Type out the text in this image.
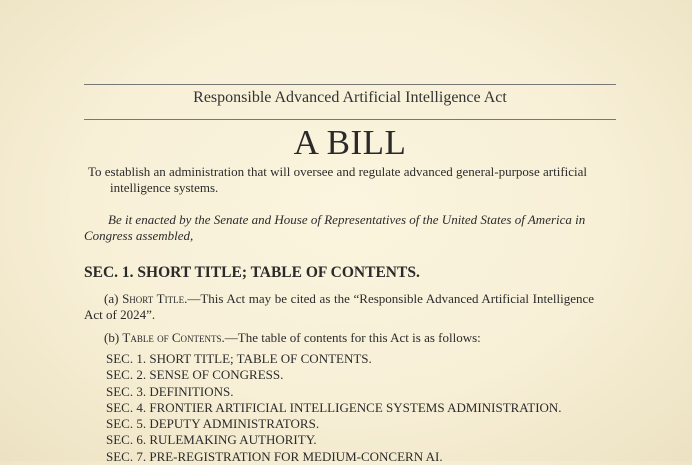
Responsible Advanced Artificial Intelligence Act
A BILL
To establish an administration that will oversee and regulate advanced general-purpose artificial intelligence systems.
Be it enacted by the Senate and House of Representatives of the United States of America in Congress assembled,
SEC. 1. SHORT TITLE; TABLE OF CONTENTS.
(a) Short Title.—This Act may be cited as the “Responsible Advanced Artificial Intelligence Act of 2024”.
(b) Table of Contents.—The table of contents for this Act is as follows:
SEC. 1. SHORT TITLE; TABLE OF CONTENTS.
SEC. 2. SENSE OF CONGRESS.
SEC. 3. DEFINITIONS.
SEC. 4. FRONTIER ARTIFICIAL INTELLIGENCE SYSTEMS ADMINISTRATION.
SEC. 5. DEPUTY ADMINISTRATORS.
SEC. 6. RULEMAKING AUTHORITY.
SEC. 7. PRE-REGISTRATION FOR MEDIUM-CONCERN AI.
